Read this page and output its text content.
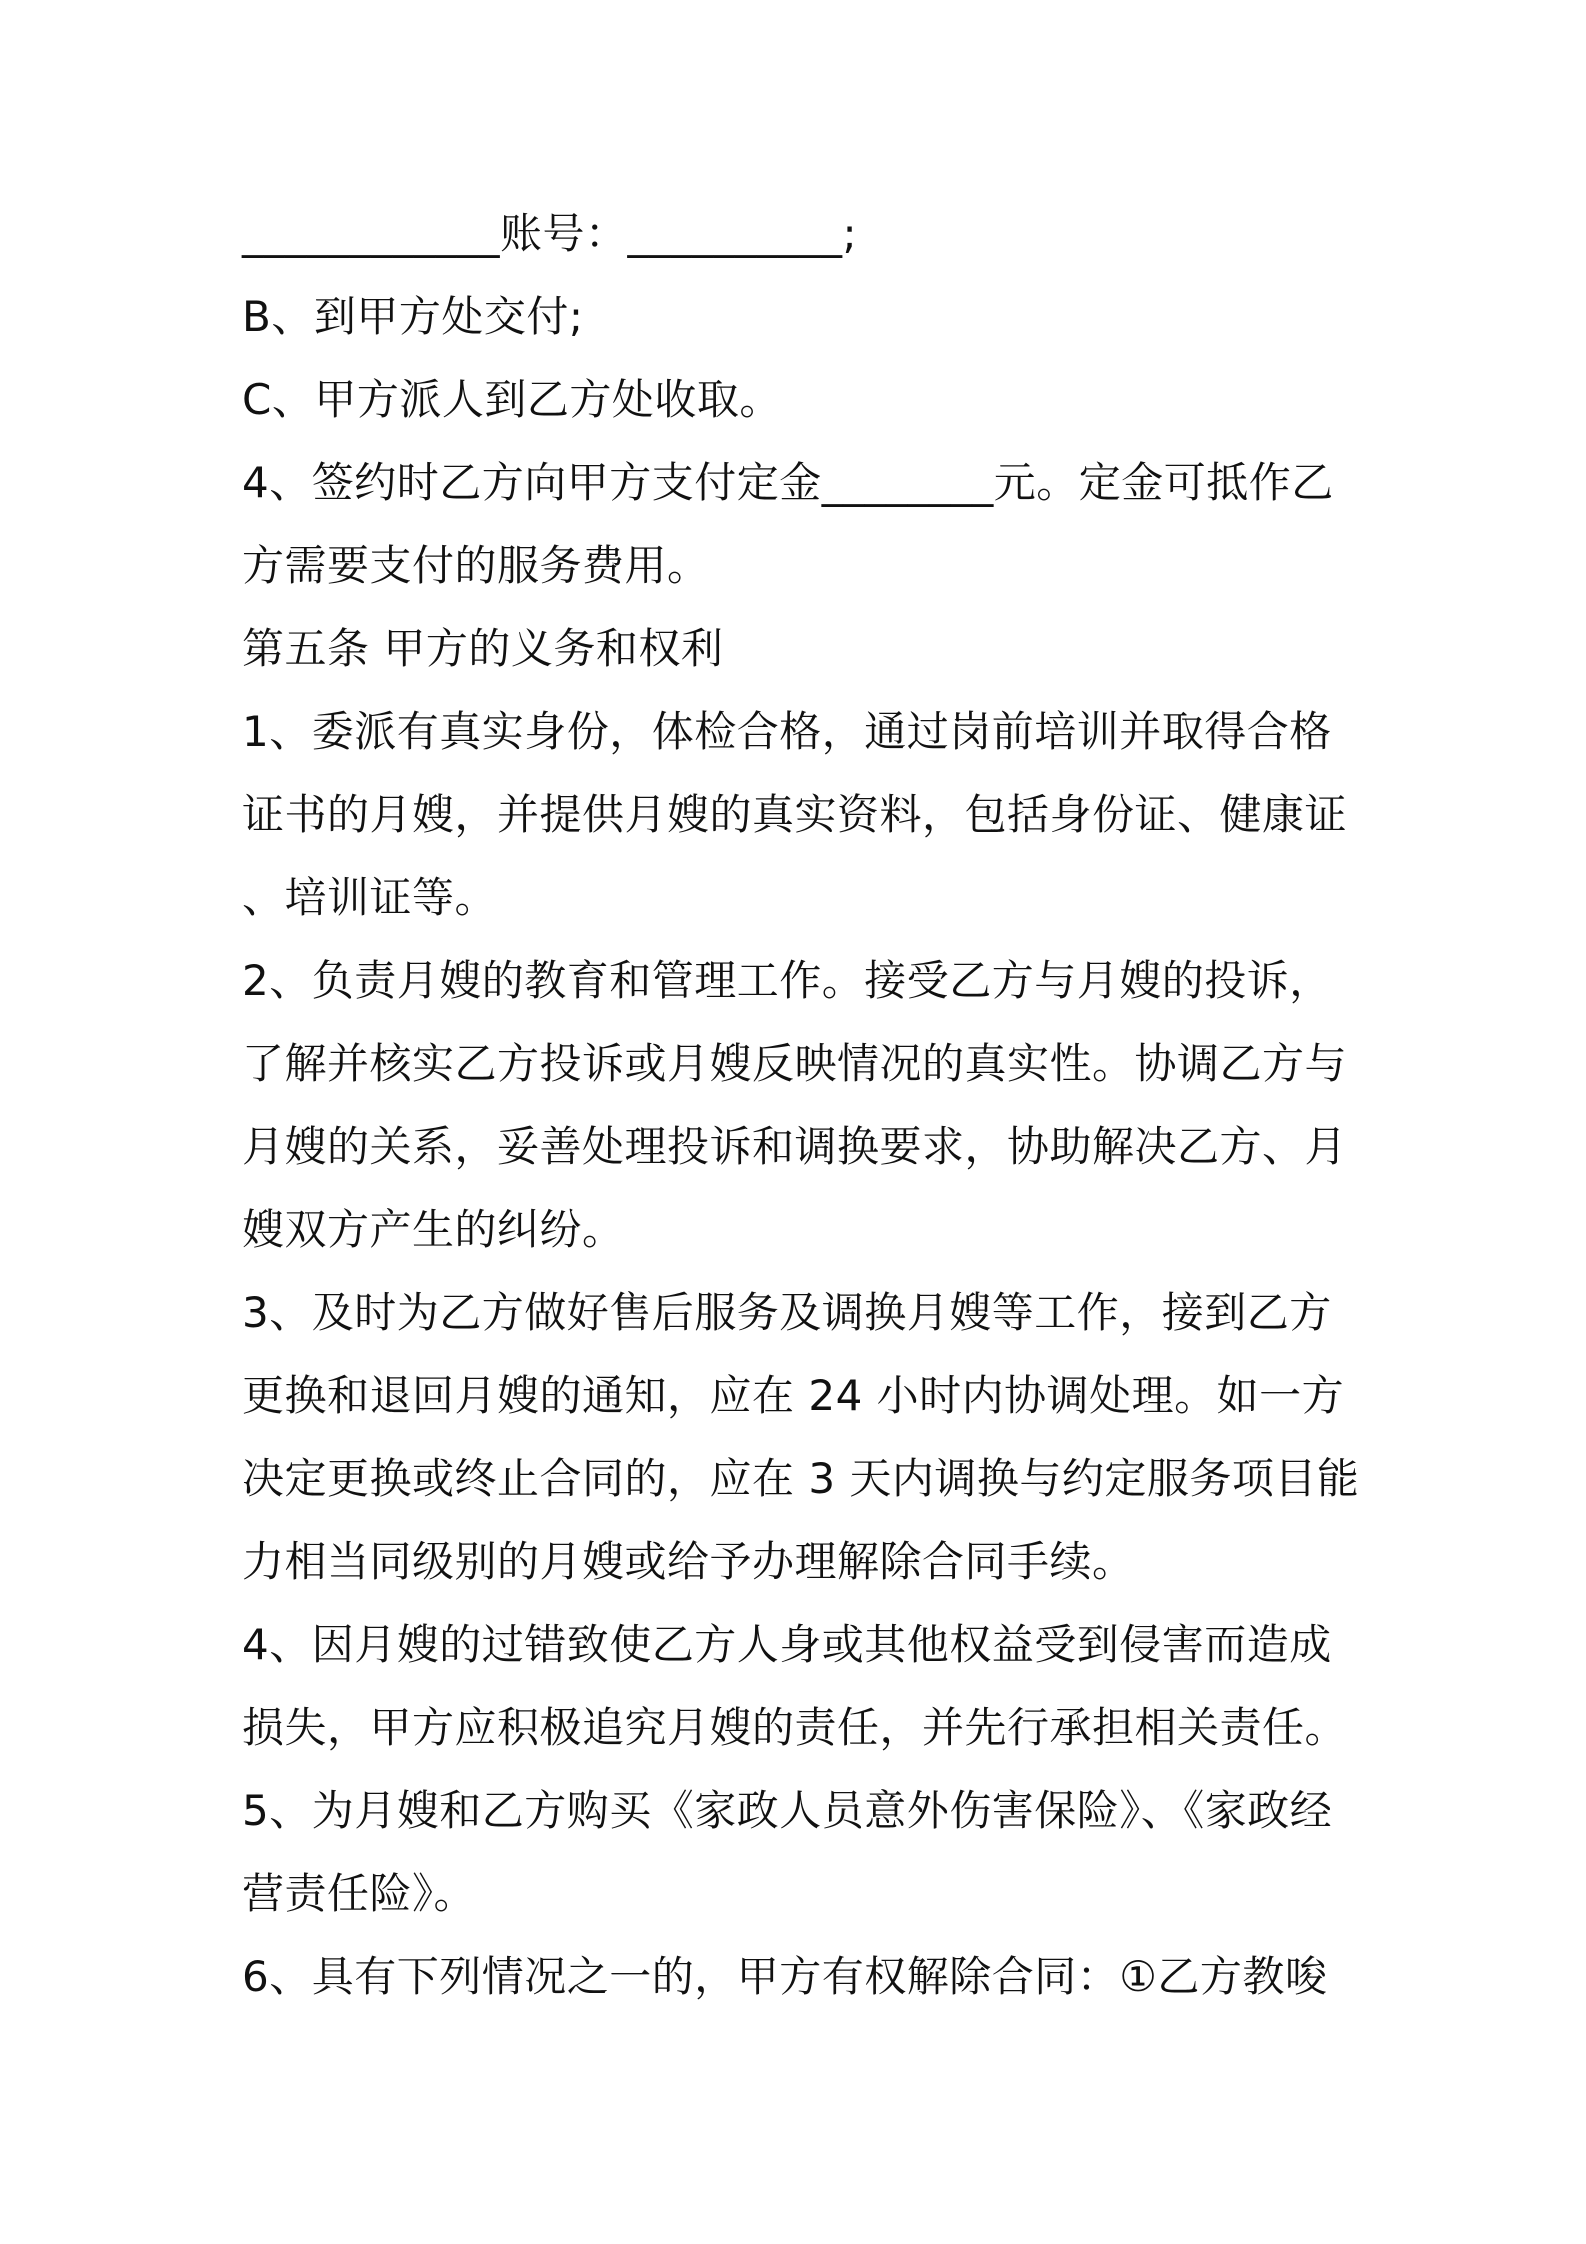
____________账号：__________;
B、到甲方处交付;
C、甲方派人到乙方处收取。
4、签约时乙方向甲方支付定金________元。定金可抵作乙
方需要支付的服务费用。
第五条 甲方的义务和权利
1、委派有真实身份，体检合格，通过岗前培训并取得合格
证书的月嫂，并提供月嫂的真实资料，包括身份证、健康证
、培训证等。
2、负责月嫂的教育和管理工作。接受乙方与月嫂的投诉，
了解并核实乙方投诉或月嫂反映情况的真实性。协调乙方与
月嫂的关系，妥善处理投诉和调换要求，协助解决乙方、月
嫂双方产生的纠纷。
3、及时为乙方做好售后服务及调换月嫂等工作，接到乙方
更换和退回月嫂的通知，应在 24 小时内协调处理。如一方
决定更换或终止合同的，应在 3 天内调换与约定服务项目能
力相当同级别的月嫂或给予办理解除合同手续。
4、因月嫂的过错致使乙方人身或其他权益受到侵害而造成
损失，甲方应积极追究月嫂的责任，并先行承担相关责任。
5、为月嫂和乙方购买《家政人员意外伤害保险》、《家政经
营责任险》。
6、具有下列情况之一的，甲方有权解除合同：①乙方教唆
